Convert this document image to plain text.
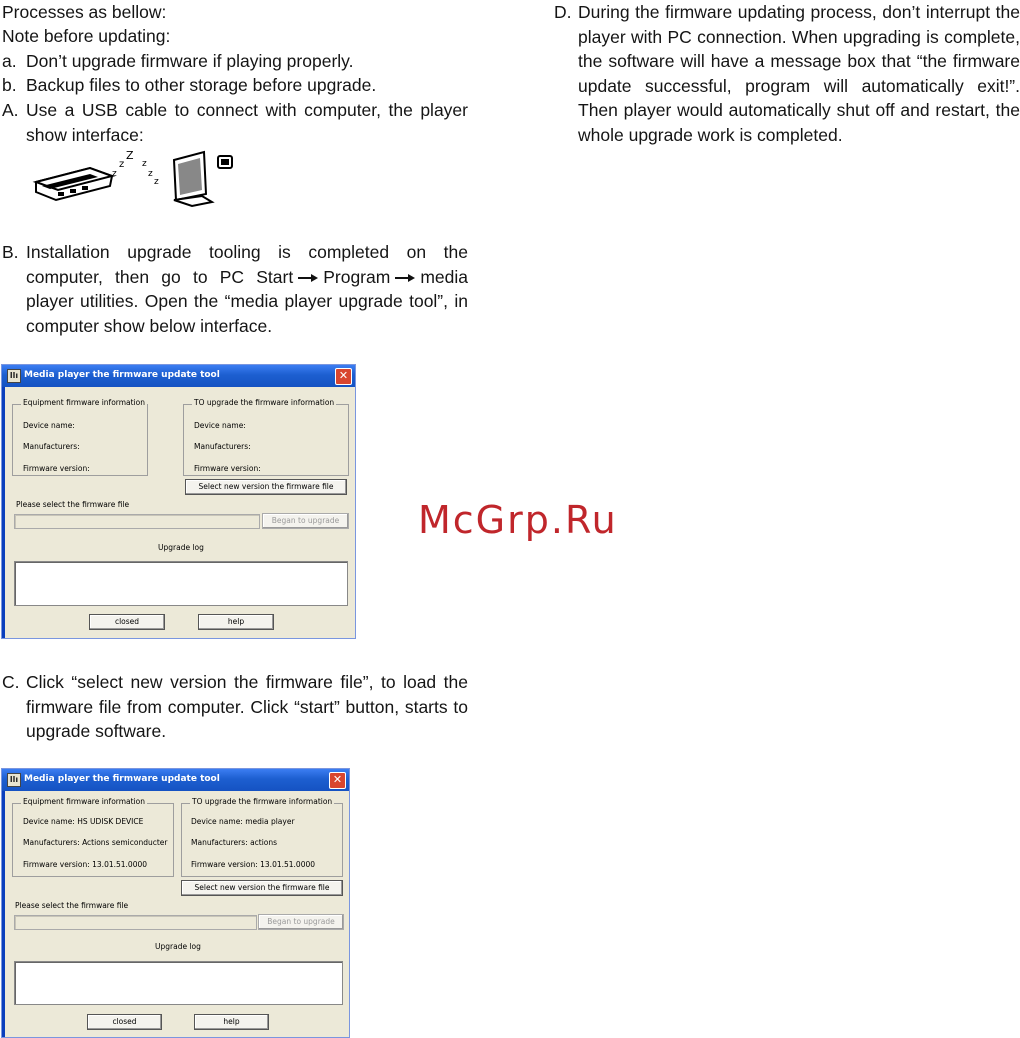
Processes as bellow:
Note before updating:
a. Don’t upgrade firmware if playing properly.
b. Backup files to other storage before upgrade.
A. Use a USB cable to connect with computer, the player show interface:
z
z
Z
z
z
z
B. Installation upgrade tooling is completed on the computer, then go to PC Start Program media player utilities. Open the “media player upgrade tool”, in computer show below interface.
llı Media player the firmware update tool	✕
Equipment firmware information
Device name:
Manufacturers:
Firmware version:
TO upgrade the firmware information
Device name:
Manufacturers:
Firmware version:
Select new version the firmware file
Please select the firmware file
Began to upgrade
Upgrade log
closed	help
McGrp.Ru
C. Click “select new version the firmware file”, to load the firmware file from computer. Click “start” button, starts to upgrade software.
llı Media player the firmware update tool	✕
Equipment firmware information
Device name: HS UDISK DEVICE
Manufacturers: Actions semiconducter
Firmware version: 13.01.51.0000
TO upgrade the firmware information
Device name: media player
Manufacturers: actions
Firmware version: 13.01.51.0000
Select new version the firmware file
Please select the firmware file
Began to upgrade
Upgrade log
closed	help
D. During the firmware updating process, don’t interrupt the player with PC connection. When upgrading is complete, the software will have a message box that “the firmware update successful, program will automatically exit!”. Then player would automatically shut off and restart, the whole upgrade work is completed.
